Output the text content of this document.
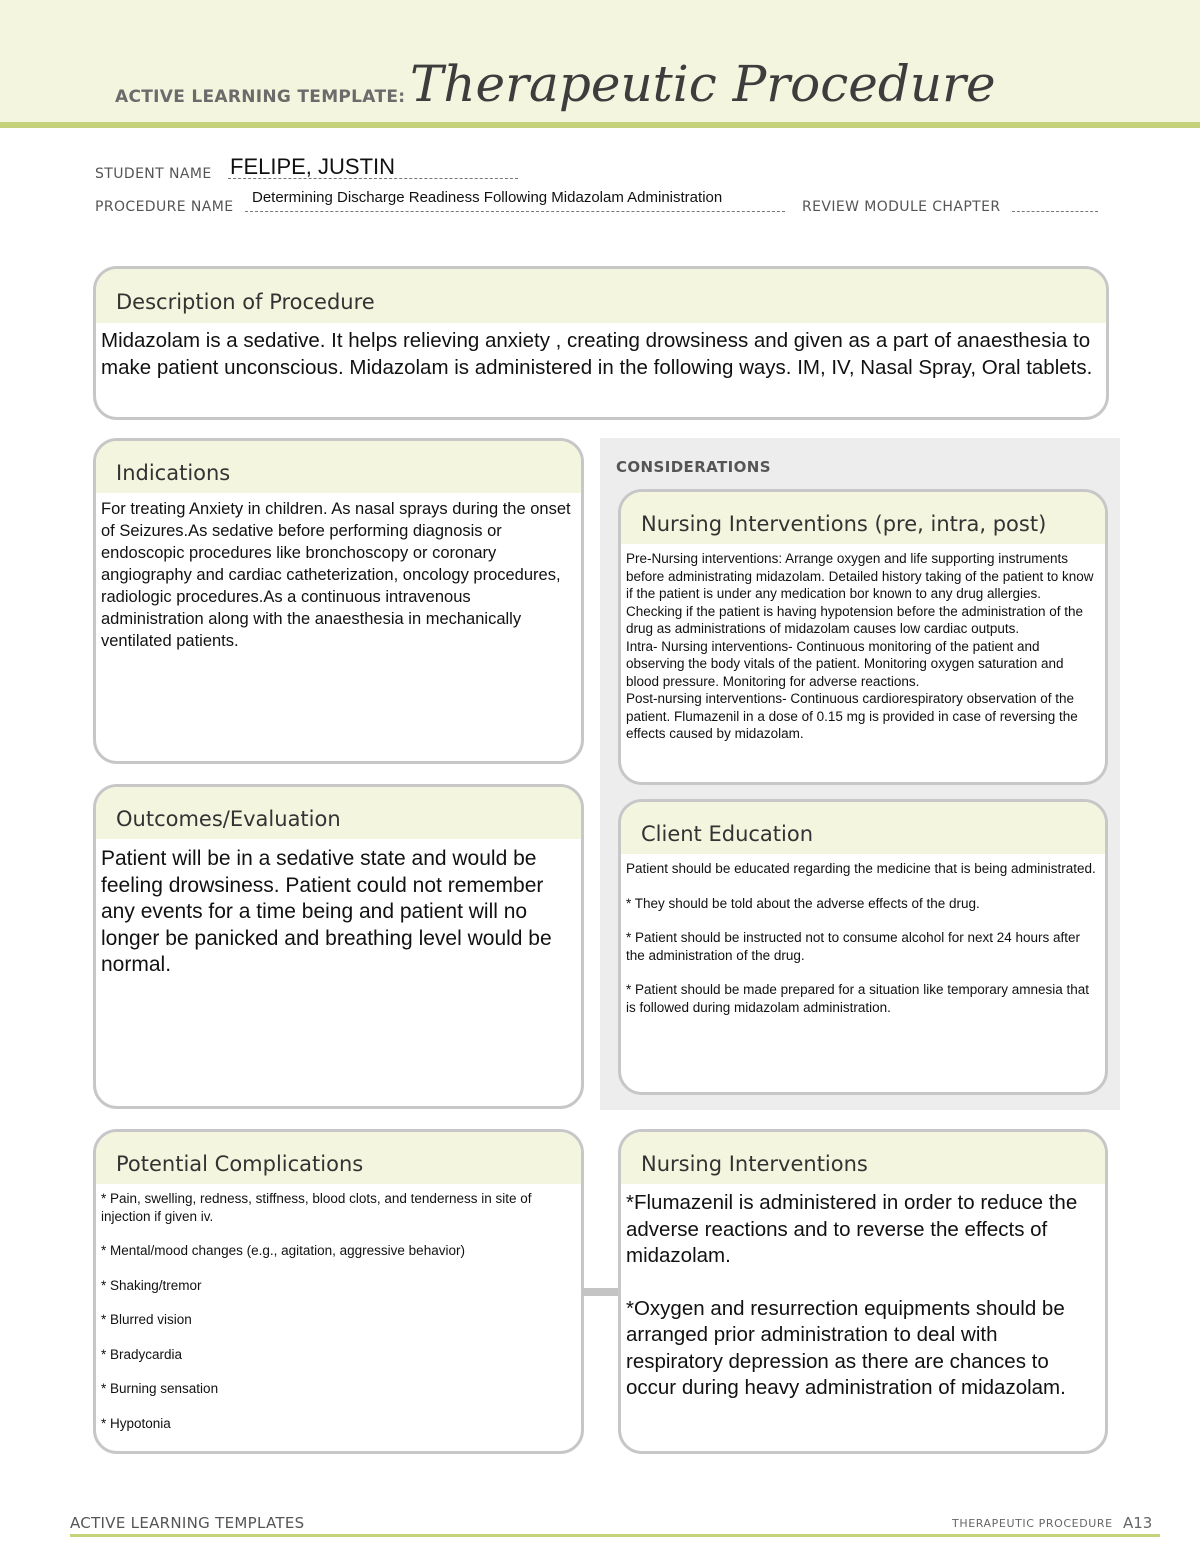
ACTIVE LEARNING TEMPLATE: Therapeutic Procedure
STUDENT NAME FELIPE, JUSTIN
PROCEDURE NAME
Determining Discharge Readiness Following Midazolam Administration
REVIEW MODULE CHAPTER
Description of Procedure
Midazolam is a sedative. It helps relieving anxiety , creating drowsiness and given as a part of anaesthesia to make patient unconscious. Midazolam is administered in the following ways. IM, IV, Nasal Spray, Oral tablets.
Indications
For treating Anxiety in children. As nasal sprays during the onset of Seizures.As sedative before performing diagnosis or endoscopic procedures like bronchoscopy or coronary angiography and cardiac catheterization, oncology procedures, radiologic procedures.As a continuous intravenous administration along with the anaesthesia in mechanically ventilated patients.
CONSIDERATIONS
Nursing Interventions (pre, intra, post)
Pre-Nursing interventions: Arrange oxygen and life supporting instruments before administrating midazolam. Detailed history taking of the patient to know if the patient is under any medication bor known to any drug allergies. Checking if the patient is having hypotension before the administration of the drug as administrations of midazolam causes low cardiac outputs.
Intra- Nursing interventions- Continuous monitoring of the patient and observing the body vitals of the patient. Monitoring oxygen saturation and blood pressure. Monitoring for adverse reactions.
Post-nursing interventions- Continuous cardiorespiratory observation of the patient. Flumazenil in a dose of 0.15 mg is provided in case of reversing the effects caused by midazolam.
Client Education

Patient should be educated regarding the medicine that is being administrated.

* They should be told about the adverse effects of the drug.

* Patient should be instructed not to consume alcohol for next 24 hours after the administration of the drug.

* Patient should be made prepared for a situation like temporary amnesia that is followed during midazolam administration.

Outcomes/Evaluation
Patient will be in a sedative state and would be feeling drowsiness. Patient could not remember any events for a time being and patient will no longer be panicked and breathing level would be normal.
Potential Complications

* Pain, swelling, redness, stiffness, blood clots, and tenderness in site of injection if given iv.

* Mental/mood changes (e.g., agitation, aggressive behavior)

* Shaking/tremor

* Blurred vision

* Bradycardia

* Burning sensation

* Hypotonia

Nursing Interventions

*Flumazenil is administered in order to reduce the adverse reactions and to reverse the effects of midazolam.

*Oxygen and resurrection equipments should be arranged prior administration to deal with respiratory depression as there are chances to occur during heavy administration of midazolam.

ACTIVE LEARNING TEMPLATES	THERAPEUTIC PROCEDURE A13
